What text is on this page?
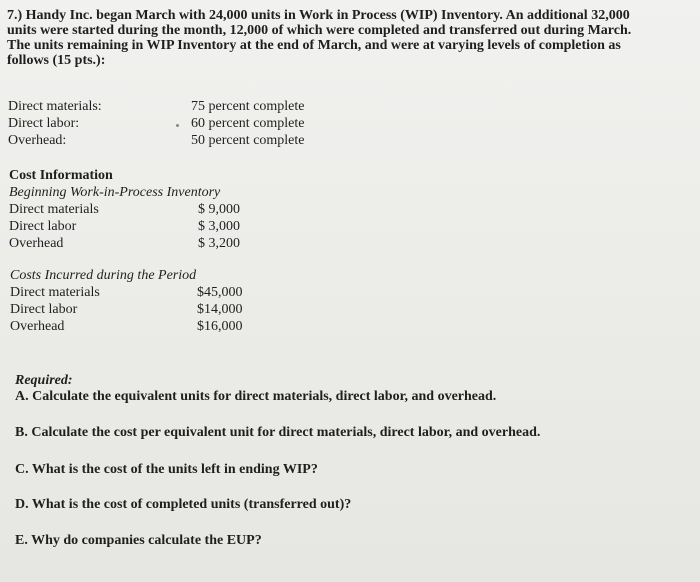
7.) Handy Inc. began March with 24,000 units in Work in Process (WIP) Inventory. An additional 32,000
units were started during the month, 12,000 of which were completed and transferred out during March.
The units remaining in WIP Inventory at the end of March, and were at varying levels of completion as
follows (15 pts.):
Direct materials:	75 percent complete
Direct labor:	60 percent complete
Overhead:	50 percent complete
Cost Information
Beginning Work-in-Process Inventory
Direct materials	$ 9,000
Direct labor	$ 3,000
Overhead	$ 3,200
Costs Incurred during the Period
Direct materials	$45,000
Direct labor	$14,000
Overhead	$16,000
Required:
A. Calculate the equivalent units for direct materials, direct labor, and overhead.
B. Calculate the cost per equivalent unit for direct materials, direct labor, and overhead.
C. What is the cost of the units left in ending WIP?
D. What is the cost of completed units (transferred out)?
E. Why do companies calculate the EUP?
